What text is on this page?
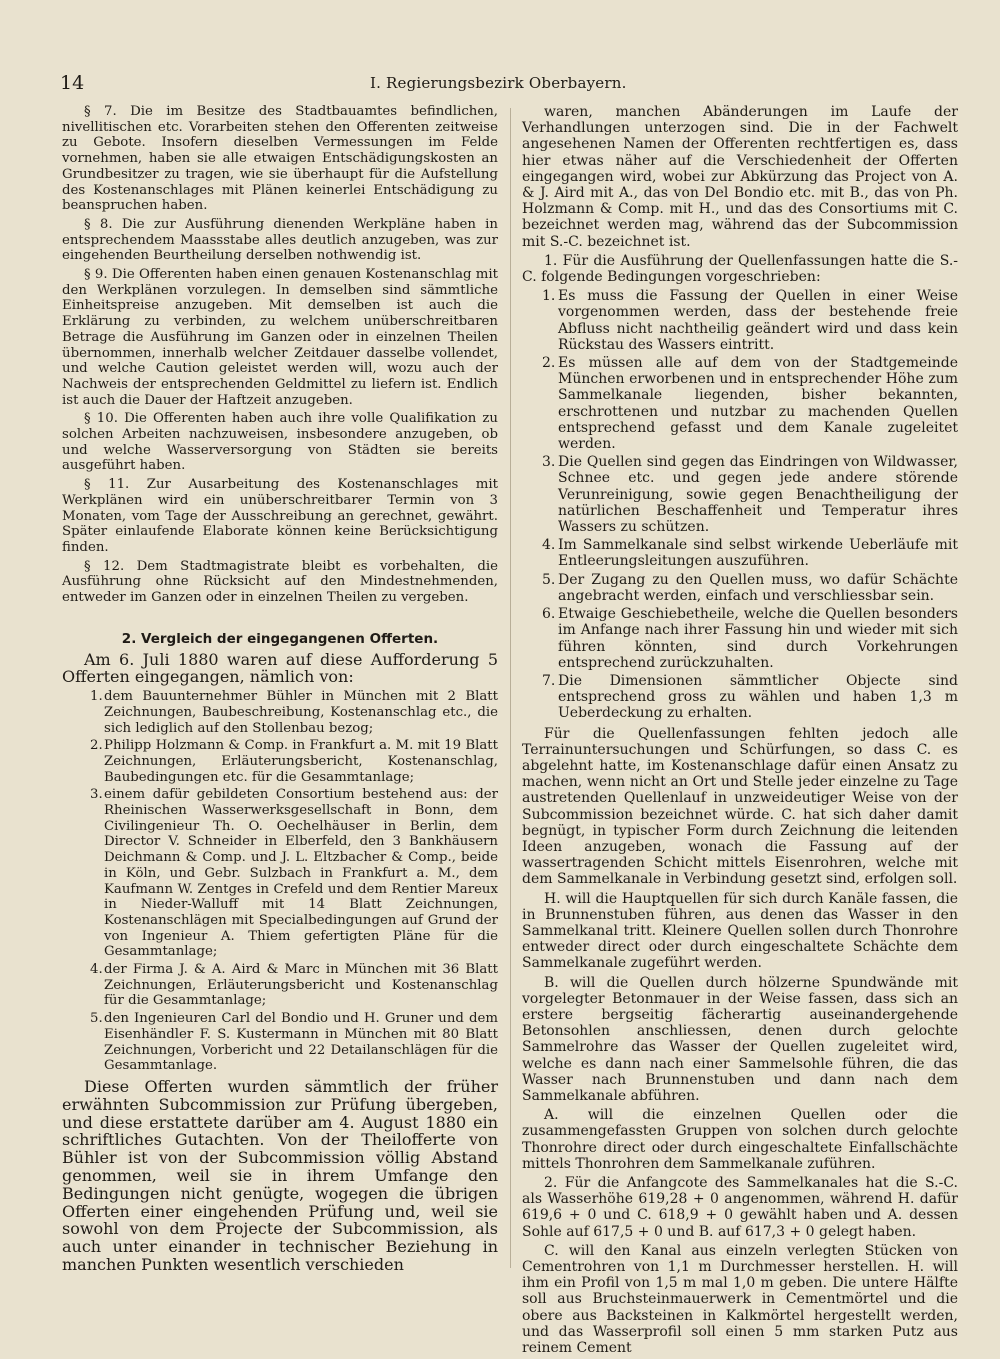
14	I. Regierungsbezirk Oberbayern.

§ 7. Die im Besitze des Stadtbauamtes befindlichen, nivellitischen etc. Vorarbeiten stehen den Offerenten zeitweise zu Gebote. Insofern dieselben Vermessungen im Felde vornehmen, haben sie alle etwaigen Entschädigungskosten an Grundbesitzer zu tragen, wie sie überhaupt für die Aufstellung des Kostenanschlages mit Plänen keinerlei Entschädigung zu beanspruchen haben.

§ 8. Die zur Ausführung dienenden Werkpläne haben in entsprechendem Maassstabe alles deutlich anzugeben, was zur eingehenden Beurtheilung derselben nothwendig ist.

§ 9. Die Offerenten haben einen genauen Kostenanschlag mit den Werkplänen vorzulegen. In demselben sind sämmtliche Einheitspreise anzugeben. Mit demselben ist auch die Erklärung zu verbinden, zu welchem unüberschreitbaren Betrage die Ausführung im Ganzen oder in einzelnen Theilen übernommen, innerhalb welcher Zeitdauer dasselbe vollendet, und welche Caution geleistet werden will, wozu auch der Nachweis der entsprechenden Geldmittel zu liefern ist. Endlich ist auch die Dauer der Haftzeit anzugeben.

§ 10. Die Offerenten haben auch ihre volle Qualifikation zu solchen Arbeiten nachzuweisen, insbesondere anzugeben, ob und welche Wasserversorgung von Städten sie bereits ausgeführt haben.

§ 11. Zur Ausarbeitung des Kostenanschlages mit Werkplänen wird ein unüberschreitbarer Termin von 3 Monaten, vom Tage der Ausschreibung an gerechnet, gewährt. Später einlaufende Elaborate können keine Berücksichtigung finden.

§ 12. Dem Stadtmagistrate bleibt es vorbehalten, die Ausführung ohne Rücksicht auf den Mindestnehmenden, entweder im Ganzen oder in einzelnen Theilen zu vergeben.

2. Vergleich der eingegangenen Offerten.

Am 6. Juli 1880 waren auf diese Aufforderung 5 Offerten eingegangen, nämlich von:

1. dem Bauunternehmer Bühler in München mit 2 Blatt Zeichnungen, Baubeschreibung, Kostenanschlag etc., die sich lediglich auf den Stollenbau bezog;
2. Philipp Holzmann & Comp. in Frankfurt a. M. mit 19 Blatt Zeichnungen, Erläuterungsbericht, Kostenanschlag, Baubedingungen etc. für die Gesammtanlage;
3. einem dafür gebildeten Consortium bestehend aus: der Rheinischen Wasserwerksgesellschaft in Bonn, dem Civilingenieur Th. O. Oechelhäuser in Berlin, dem Director V. Schneider in Elberfeld, den 3 Bankhäusern Deichmann & Comp. und J. L. Eltzbacher & Comp., beide in Köln, und Gebr. Sulzbach in Frankfurt a. M., dem Kaufmann W. Zentges in Crefeld und dem Rentier Mareux in Nieder-Walluff mit 14 Blatt Zeichnungen, Kostenanschlägen mit Specialbedingungen auf Grund der von Ingenieur A. Thiem gefertigten Pläne für die Gesammtanlage;
4. der Firma J. & A. Aird & Marc in München mit 36 Blatt Zeichnungen, Erläuterungsbericht und Kostenanschlag für die Gesammtanlage;
5. den Ingenieuren Carl del Bondio und H. Gruner und dem Eisenhändler F. S. Kustermann in München mit 80 Blatt Zeichnungen, Vorbericht und 22 Detailanschlägen für die Gesammtanlage.

Diese Offerten wurden sämmtlich der früher erwähnten Subcommission zur Prüfung übergeben, und diese erstattete darüber am 4. August 1880 ein schriftliches Gutachten. Von der Theilofferte von Bühler ist von der Subcommission völlig Abstand genommen, weil sie in ihrem Umfange den Bedingungen nicht genügte, wogegen die übrigen Offerten einer eingehenden Prüfung und, weil sie sowohl von dem Projecte der Subcommission, als auch unter einander in technischer Beziehung in manchen Punkten wesentlich verschieden

waren, manchen Abänderungen im Laufe der Verhandlungen unterzogen sind. Die in der Fachwelt angesehenen Namen der Offerenten rechtfertigen es, dass hier etwas näher auf die Verschiedenheit der Offerten eingegangen wird, wobei zur Abkürzung das Project von A. & J. Aird mit A., das von Del Bondio etc. mit B., das von Ph. Holzmann & Comp. mit H., und das des Consortiums mit C. bezeichnet werden mag, während das der Subcommission mit S.-C. bezeichnet ist.

1. Für die Ausführung der Quellenfassungen hatte die S.-C. folgende Bedingungen vorgeschrieben:

1. Es muss die Fassung der Quellen in einer Weise vorgenommen werden, dass der bestehende freie Abfluss nicht nachtheilig geändert wird und dass kein Rückstau des Wassers eintritt.
2. Es müssen alle auf dem von der Stadtgemeinde München erworbenen und in entsprechender Höhe zum Sammelkanale liegenden, bisher bekannten, erschrottenen und nutzbar zu machenden Quellen entsprechend gefasst und dem Kanale zugeleitet werden.
3. Die Quellen sind gegen das Eindringen von Wildwasser, Schnee etc. und gegen jede andere störende Verunreinigung, sowie gegen Benachtheiligung der natürlichen Beschaffenheit und Temperatur ihres Wassers zu schützen.
4. Im Sammelkanale sind selbst wirkende Ueberläufe mit Entleerungsleitungen auszuführen.
5. Der Zugang zu den Quellen muss, wo dafür Schächte angebracht werden, einfach und verschliessbar sein.
6. Etwaige Geschiebetheile, welche die Quellen besonders im Anfange nach ihrer Fassung hin und wieder mit sich führen könnten, sind durch Vorkehrungen entsprechend zurückzuhalten.
7. Die Dimensionen sämmtlicher Objecte sind entsprechend gross zu wählen und haben 1,3 m Ueberdeckung zu erhalten.

Für die Quellenfassungen fehlten jedoch alle Terrainuntersuchungen und Schürfungen, so dass C. es abgelehnt hatte, im Kostenanschlage dafür einen Ansatz zu machen, wenn nicht an Ort und Stelle jeder einzelne zu Tage austretenden Quellenlauf in unzweideutiger Weise von der Subcommission bezeichnet würde. C. hat sich daher damit begnügt, in typischer Form durch Zeichnung die leitenden Ideen anzugeben, wonach die Fassung auf der wassertragenden Schicht mittels Eisenrohren, welche mit dem Sammelkanale in Verbindung gesetzt sind, erfolgen soll.

H. will die Hauptquellen für sich durch Kanäle fassen, die in Brunnenstuben führen, aus denen das Wasser in den Sammelkanal tritt. Kleinere Quellen sollen durch Thonrohre entweder direct oder durch eingeschaltete Schächte dem Sammelkanale zugeführt werden.

B. will die Quellen durch hölzerne Spundwände mit vorgelegter Betonmauer in der Weise fassen, dass sich an erstere bergseitig fächerartig auseinandergehende Betonsohlen anschliessen, denen durch gelochte Sammelrohre das Wasser der Quellen zugeleitet wird, welche es dann nach einer Sammelsohle führen, die das Wasser nach Brunnenstuben und dann nach dem Sammelkanale abführen.

A. will die einzelnen Quellen oder die zusammengefassten Gruppen von solchen durch gelochte Thonrohre direct oder durch eingeschaltete Einfallschächte mittels Thonrohren dem Sammelkanale zuführen.

2. Für die Anfangcote des Sammelkanales hat die S.-C. als Wasserhöhe 619,28 + 0 angenommen, während H. dafür 619,6 + 0 und C. 618,9 + 0 gewählt haben und A. dessen Sohle auf 617,5 + 0 und B. auf 617,3 + 0 gelegt haben.

C. will den Kanal aus einzeln verlegten Stücken von Cementrohren von 1,1 m Durchmesser herstellen. H. will ihm ein Profil von 1,5 m mal 1,0 m geben. Die untere Hälfte soll aus Bruchsteinmauerwerk in Cementmörtel und die obere aus Backsteinen in Kalkmörtel hergestellt werden, und das Wasserprofil soll einen 5 mm starken Putz aus reinem Cement
